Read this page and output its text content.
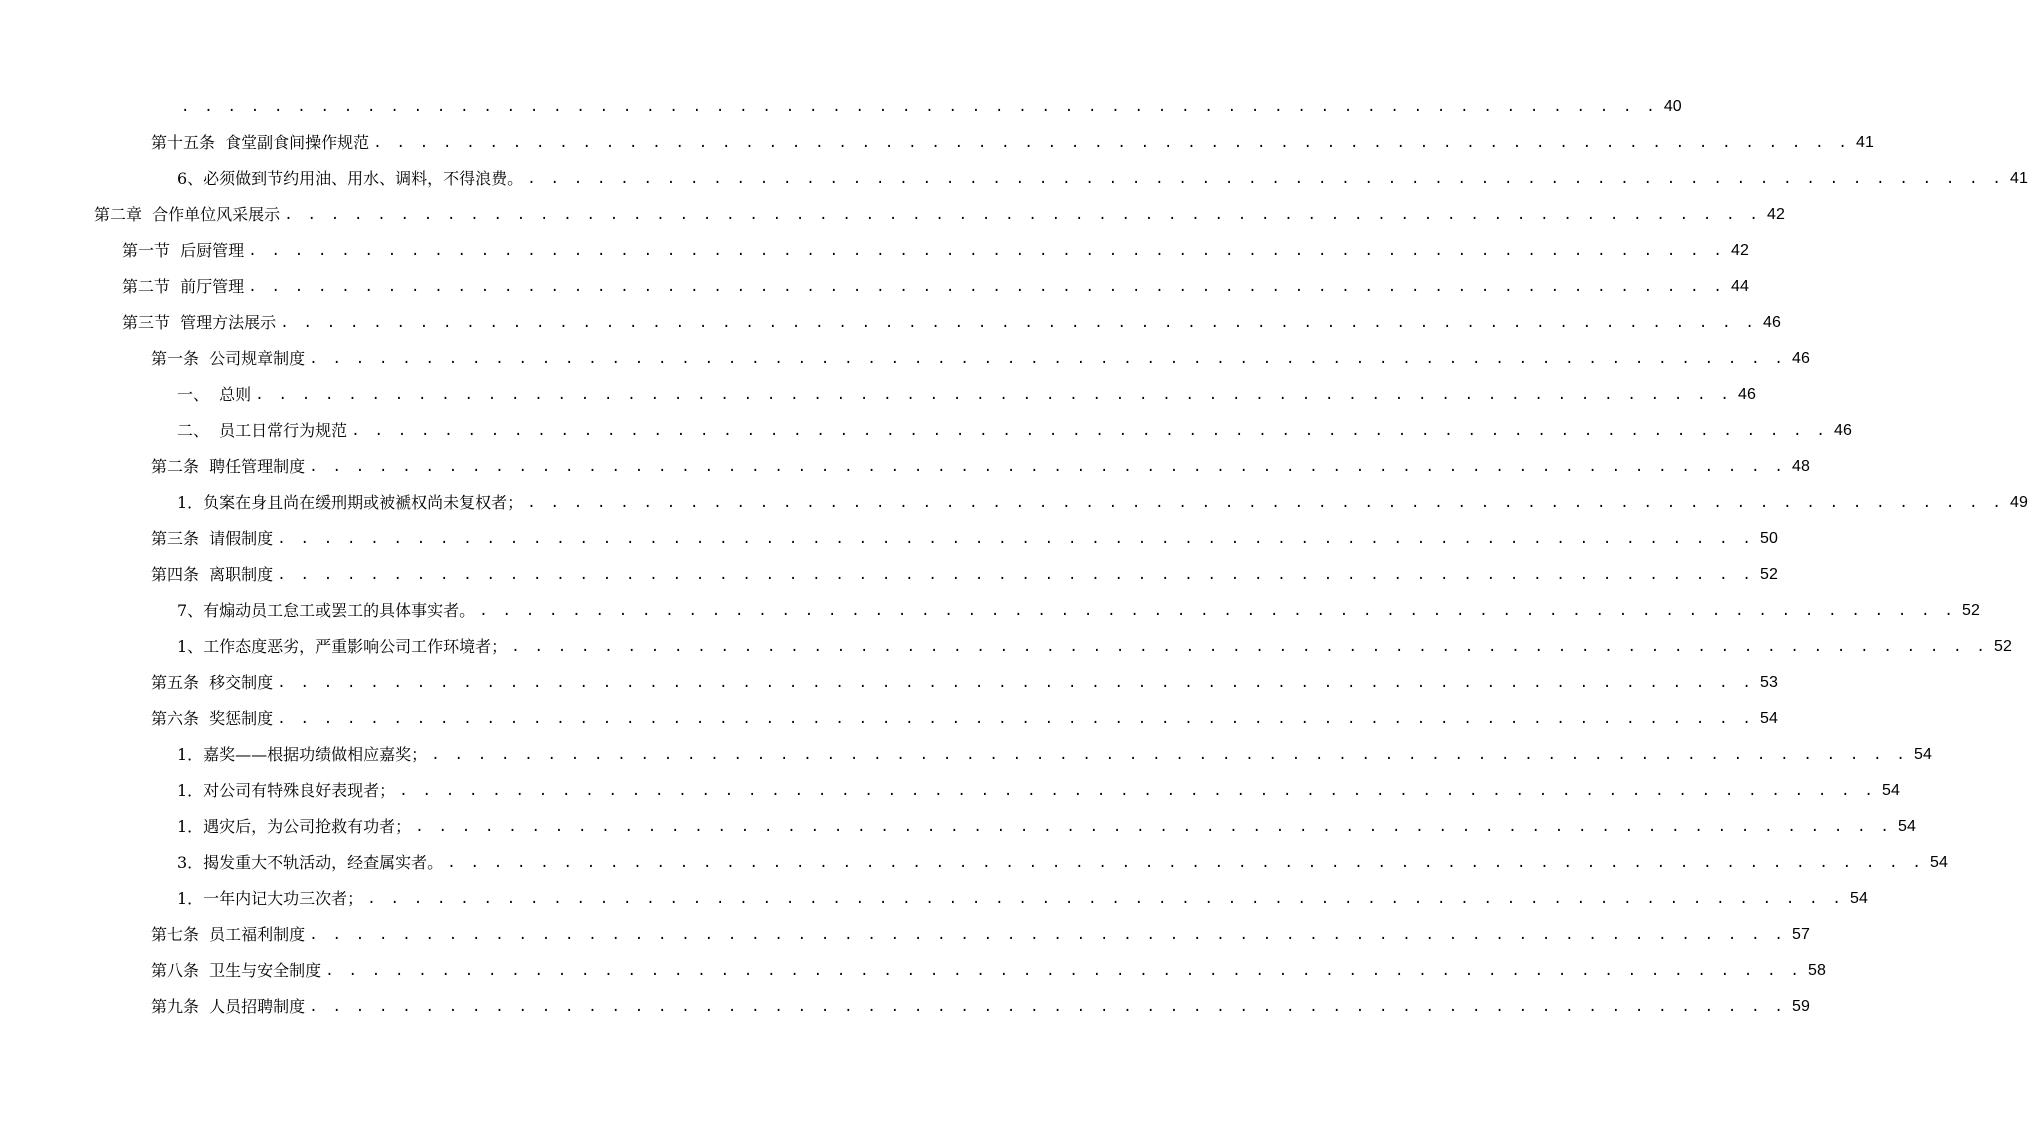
. . . . . . . . . . . . . . . . . . . . . . . . . . . . . . . . . . . . . . . . . . . . . . . . . . . . . . . . . . . . . . . . 40
第十五条  食堂副食间操作规范 . . . . . . . . . . . . . . . . . . . . . . . . . . . . . . . . . . . . . . . . . . . . . . . . . . . . . . . . . . . . . . . . 41
6、必须做到节约用油、用水、调料，不得浪费。 . . . . . . . . . . . . . . . . . . . . . . . . . . . . . . . . . . . . . . . . . . . . . . . . . . . . . . . . . . . . . . . . 41
第二章  合作单位风采展示 . . . . . . . . . . . . . . . . . . . . . . . . . . . . . . . . . . . . . . . . . . . . . . . . . . . . . . . . . . . . . . . . 42
第一节  后厨管理 . . . . . . . . . . . . . . . . . . . . . . . . . . . . . . . . . . . . . . . . . . . . . . . . . . . . . . . . . . . . . . . . 42
第二节  前厅管理 . . . . . . . . . . . . . . . . . . . . . . . . . . . . . . . . . . . . . . . . . . . . . . . . . . . . . . . . . . . . . . . . 44
第三节  管理方法展示 . . . . . . . . . . . . . . . . . . . . . . . . . . . . . . . . . . . . . . . . . . . . . . . . . . . . . . . . . . . . . . . . 46
第一条  公司规章制度 . . . . . . . . . . . . . . . . . . . . . . . . . . . . . . . . . . . . . . . . . . . . . . . . . . . . . . . . . . . . . . . . 46
一、  总则 . . . . . . . . . . . . . . . . . . . . . . . . . . . . . . . . . . . . . . . . . . . . . . . . . . . . . . . . . . . . . . . . 46
二、  员工日常行为规范 . . . . . . . . . . . . . . . . . . . . . . . . . . . . . . . . . . . . . . . . . . . . . . . . . . . . . . . . . . . . . . . . 46
第二条  聘任管理制度 . . . . . . . . . . . . . . . . . . . . . . . . . . . . . . . . . . . . . . . . . . . . . . . . . . . . . . . . . . . . . . . . 48
1．负案在身且尚在缓刑期或被褫权尚未复权者； . . . . . . . . . . . . . . . . . . . . . . . . . . . . . . . . . . . . . . . . . . . . . . . . . . . . . . . . . . . . . . . . 49
第三条  请假制度 . . . . . . . . . . . . . . . . . . . . . . . . . . . . . . . . . . . . . . . . . . . . . . . . . . . . . . . . . . . . . . . . 50
第四条  离职制度 . . . . . . . . . . . . . . . . . . . . . . . . . . . . . . . . . . . . . . . . . . . . . . . . . . . . . . . . . . . . . . . . 52
7、有煽动员工怠工或罢工的具体事实者。 . . . . . . . . . . . . . . . . . . . . . . . . . . . . . . . . . . . . . . . . . . . . . . . . . . . . . . . . . . . . . . . . 52
1、工作态度恶劣，严重影响公司工作环境者； . . . . . . . . . . . . . . . . . . . . . . . . . . . . . . . . . . . . . . . . . . . . . . . . . . . . . . . . . . . . . . . . 52
第五条  移交制度 . . . . . . . . . . . . . . . . . . . . . . . . . . . . . . . . . . . . . . . . . . . . . . . . . . . . . . . . . . . . . . . . 53
第六条  奖惩制度 . . . . . . . . . . . . . . . . . . . . . . . . . . . . . . . . . . . . . . . . . . . . . . . . . . . . . . . . . . . . . . . . 54
1．嘉奖——根据功绩做相应嘉奖； . . . . . . . . . . . . . . . . . . . . . . . . . . . . . . . . . . . . . . . . . . . . . . . . . . . . . . . . . . . . . . . . 54
1．对公司有特殊良好表现者； . . . . . . . . . . . . . . . . . . . . . . . . . . . . . . . . . . . . . . . . . . . . . . . . . . . . . . . . . . . . . . . . 54
1．遇灾后，为公司抢救有功者； . . . . . . . . . . . . . . . . . . . . . . . . . . . . . . . . . . . . . . . . . . . . . . . . . . . . . . . . . . . . . . . . 54
3．揭发重大不轨活动，经查属实者。 . . . . . . . . . . . . . . . . . . . . . . . . . . . . . . . . . . . . . . . . . . . . . . . . . . . . . . . . . . . . . . . . 54
1．一年内记大功三次者； . . . . . . . . . . . . . . . . . . . . . . . . . . . . . . . . . . . . . . . . . . . . . . . . . . . . . . . . . . . . . . . . 54
第七条  员工福利制度 . . . . . . . . . . . . . . . . . . . . . . . . . . . . . . . . . . . . . . . . . . . . . . . . . . . . . . . . . . . . . . . . 57
第八条  卫生与安全制度 . . . . . . . . . . . . . . . . . . . . . . . . . . . . . . . . . . . . . . . . . . . . . . . . . . . . . . . . . . . . . . . . 58
第九条  人员招聘制度 . . . . . . . . . . . . . . . . . . . . . . . . . . . . . . . . . . . . . . . . . . . . . . . . . . . . . . . . . . . . . . . . 59
